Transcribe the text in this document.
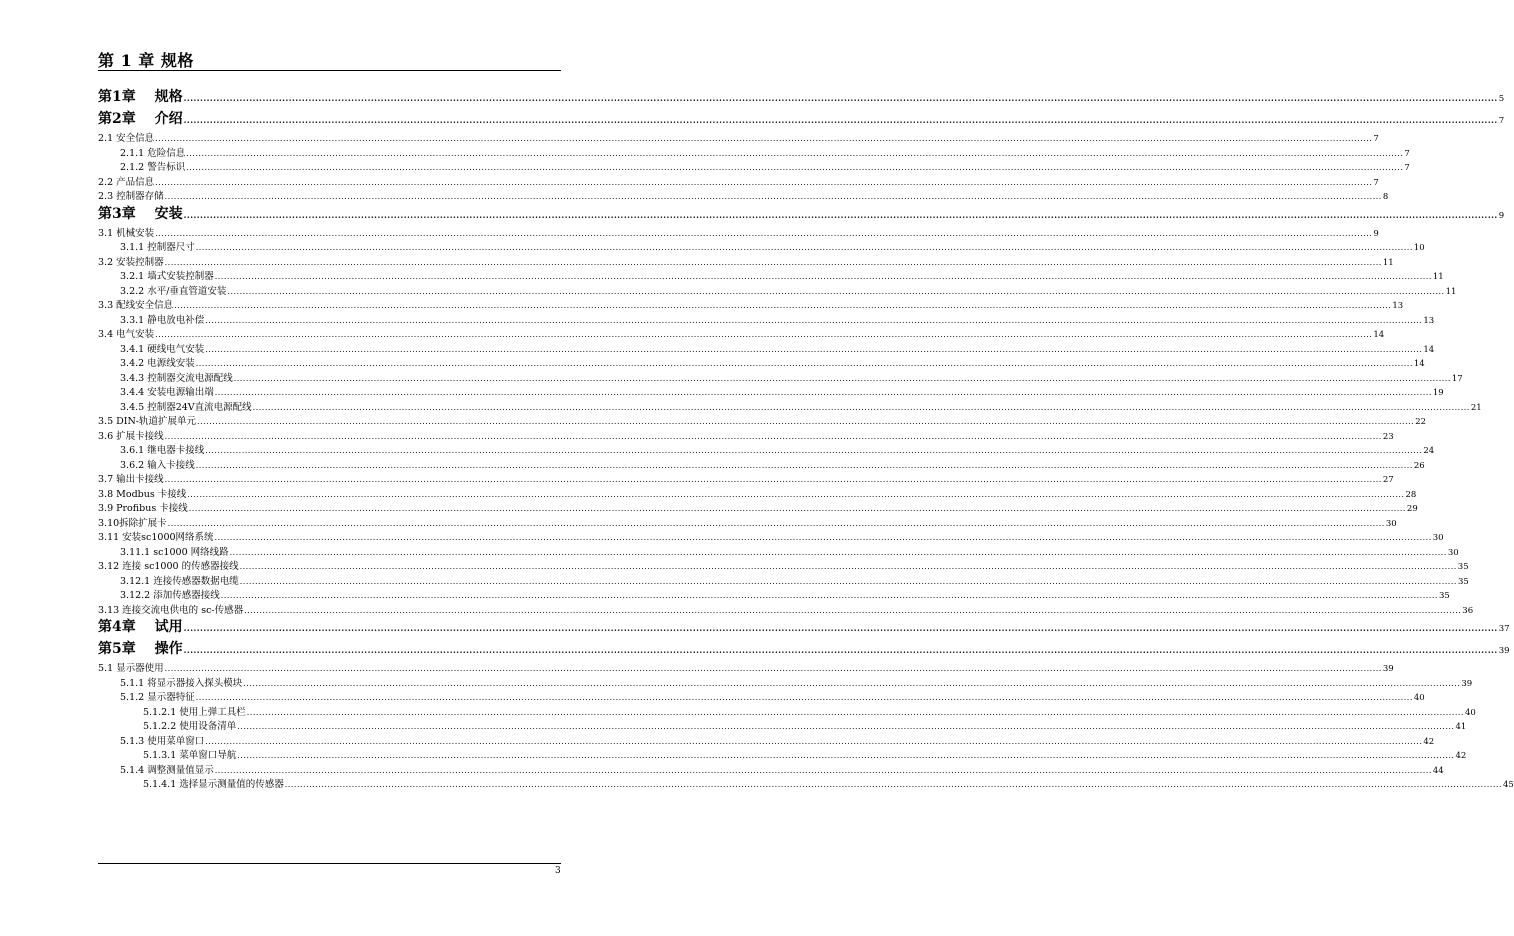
第 1 章 规格
第1章　 规格 ................................................................................................................................................................................................................................................................................................................................................................................................................ 5
第2章　 介绍 ................................................................................................................................................................................................................................................................................................................................................................................................................ 7
2.1 安全信息 ................................................................................................................................................................................................................................................................................................................................................................................................................ 7
2.1.1 危险信息 ................................................................................................................................................................................................................................................................................................................................................................................................................ 7
2.1.2 警告标识 ................................................................................................................................................................................................................................................................................................................................................................................................................ 7
2.2 产品信息 ................................................................................................................................................................................................................................................................................................................................................................................................................ 7
2.3 控制器存储 ................................................................................................................................................................................................................................................................................................................................................................................................................ 8
第3章　 安装 ................................................................................................................................................................................................................................................................................................................................................................................................................ 9
3.1 机械安装 ................................................................................................................................................................................................................................................................................................................................................................................................................ 9
3.1.1 控制器尺寸 ................................................................................................................................................................................................................................................................................................................................................................................................................ 10
3.2 安装控制器 ................................................................................................................................................................................................................................................................................................................................................................................................................ 11
3.2.1 墙式安装控制器 ................................................................................................................................................................................................................................................................................................................................................................................................................ 11
3.2.2 水平/垂直管道安装 ................................................................................................................................................................................................................................................................................................................................................................................................................ 11
3.3 配线安全信息 ................................................................................................................................................................................................................................................................................................................................................................................................................ 13
3.3.1 静电放电补偿 ................................................................................................................................................................................................................................................................................................................................................................................................................ 13
3.4 电气安装 ................................................................................................................................................................................................................................................................................................................................................................................................................ 14
3.4.1 硬线电气安装 ................................................................................................................................................................................................................................................................................................................................................................................................................ 14
3.4.2 电源线安装 ................................................................................................................................................................................................................................................................................................................................................................................................................ 14
3.4.3 控制器交流电源配线 ................................................................................................................................................................................................................................................................................................................................................................................................................ 17
3.4.4 安装电源输出端 ................................................................................................................................................................................................................................................................................................................................................................................................................ 19
3.4.5 控制器24V直流电源配线 ................................................................................................................................................................................................................................................................................................................................................................................................................ 21
3.5 DIN-轨道扩展单元 ................................................................................................................................................................................................................................................................................................................................................................................................................ 22
3.6 扩展卡接线 ................................................................................................................................................................................................................................................................................................................................................................................................................ 23
3.6.1 继电器卡接线 ................................................................................................................................................................................................................................................................................................................................................................................................................ 24
3.6.2 输入卡接线 ................................................................................................................................................................................................................................................................................................................................................................................................................ 26
3.7 输出卡接线 ................................................................................................................................................................................................................................................................................................................................................................................................................ 27
3.8 Modbus 卡接线 ................................................................................................................................................................................................................................................................................................................................................................................................................ 28
3.9 Profibus 卡接线 ................................................................................................................................................................................................................................................................................................................................................................................................................ 29
3.10拆除扩展卡 ................................................................................................................................................................................................................................................................................................................................................................................................................ 30
3.11 安装sc1000网络系统 ................................................................................................................................................................................................................................................................................................................................................................................................................ 30
3.11.1 sc1000 网络线路 ................................................................................................................................................................................................................................................................................................................................................................................................................ 30
3.12 连接 sc1000 的传感器接线 ................................................................................................................................................................................................................................................................................................................................................................................................................ 35
3.12.1 连接传感器数据电缆 ................................................................................................................................................................................................................................................................................................................................................................................................................ 35
3.12.2 添加传感器接线 ................................................................................................................................................................................................................................................................................................................................................................................................................ 35
3.13 连接交流电供电的 sc-传感器 ................................................................................................................................................................................................................................................................................................................................................................................................................ 36
第4章　 试用 ................................................................................................................................................................................................................................................................................................................................................................................................................ 37
第5章　 操作 ................................................................................................................................................................................................................................................................................................................................................................................................................ 39
5.1 显示器使用 ................................................................................................................................................................................................................................................................................................................................................................................................................ 39
5.1.1 将显示器接入探头模块 ................................................................................................................................................................................................................................................................................................................................................................................................................ 39
5.1.2 显示器特征 ................................................................................................................................................................................................................................................................................................................................................................................................................ 40
5.1.2.1 使用上弹工具栏 ................................................................................................................................................................................................................................................................................................................................................................................................................ 40
5.1.2.2 使用设备清单 ................................................................................................................................................................................................................................................................................................................................................................................................................ 41
5.1.3 使用菜单窗口 ................................................................................................................................................................................................................................................................................................................................................................................................................ 42
5.1.3.1 菜单窗口导航 ................................................................................................................................................................................................................................................................................................................................................................................................................ 42
5.1.4 调整测量值显示 ................................................................................................................................................................................................................................................................................................................................................................................................................ 44
5.1.4.1 选择显示测量值的传感器 ................................................................................................................................................................................................................................................................................................................................................................................................................ 45
3
